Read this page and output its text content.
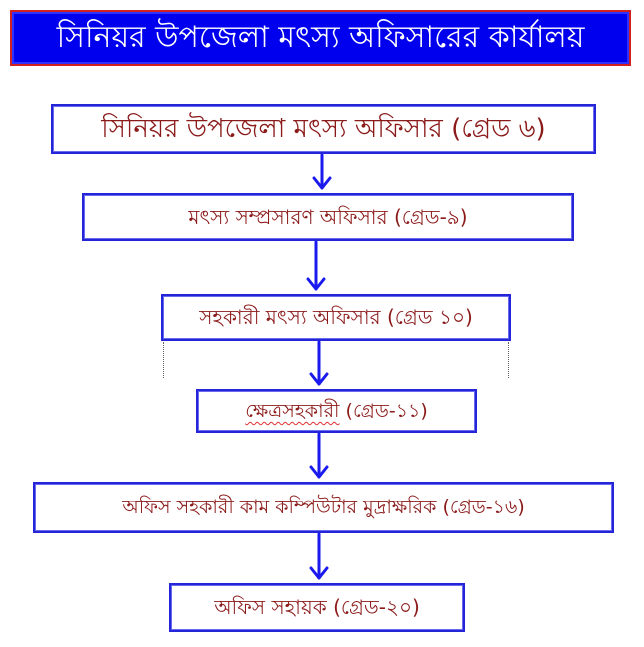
সিনিয়র উপজেলা মৎস্য অফিসারের কার্যালয়
সিনিয়র উপজেলা মৎস্য অফিসার (গ্রেড ৬)
মৎস্য সম্প্রসারণ অফিসার (গ্রেড-৯)
সহকারী মৎস্য অফিসার (গ্রেড ১০)
ক্ষেত্রসহকারী (গ্রেড-১১)
অফিস সহকারী কাম কম্পিউটার মুদ্রাক্ষরিক (গ্রেড-১৬)
অফিস সহায়ক (গ্রেড-২০)
